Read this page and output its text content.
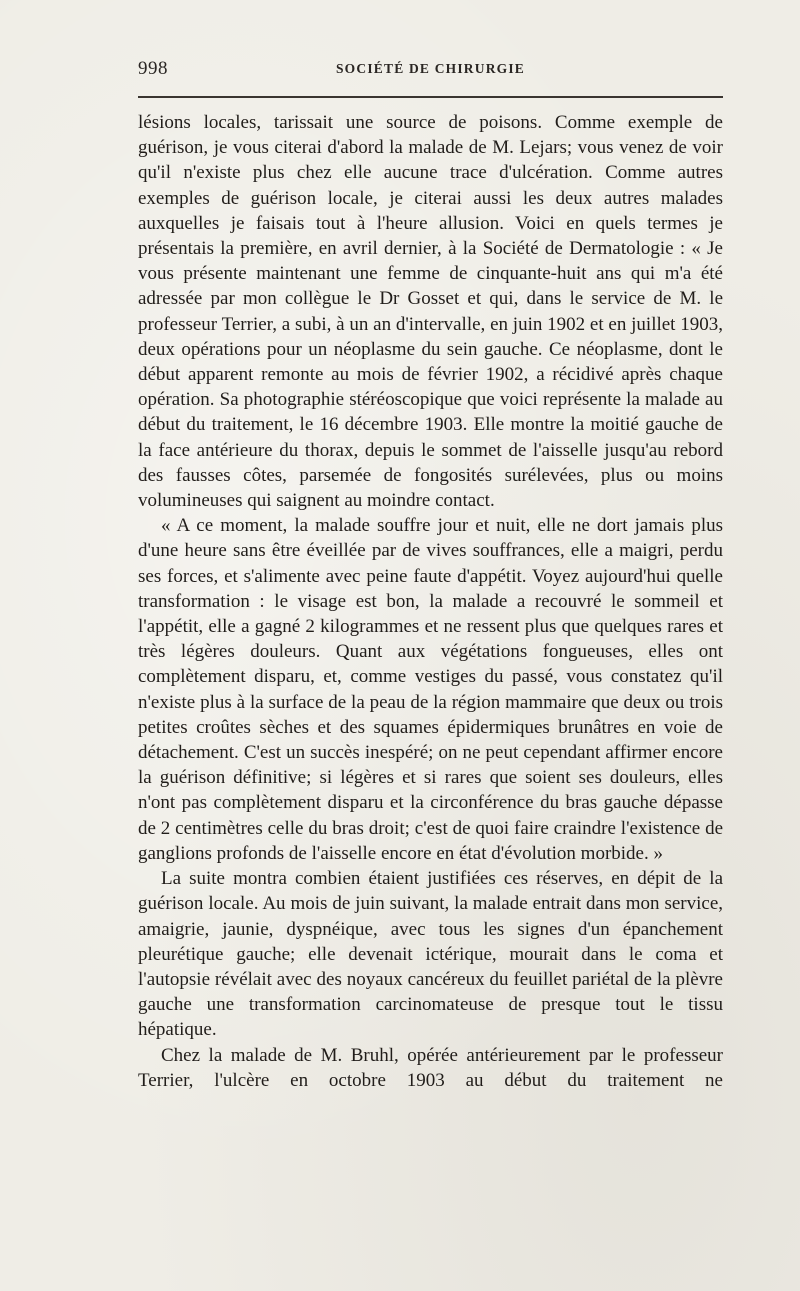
998	SOCIÉTÉ DE CHIRURGIE

lésions locales, tarissait une source de poisons. Comme exemple de guérison, je vous citerai d'abord la malade de M. Lejars; vous venez de voir qu'il n'existe plus chez elle aucune trace d'ulcération. Comme autres exemples de guérison locale, je citerai aussi les deux autres malades auxquelles je faisais tout à l'heure allusion. Voici en quels termes je présentais la première, en avril dernier, à la Société de Dermatologie : « Je vous présente maintenant une femme de cinquante-huit ans qui m'a été adressée par mon collègue le Dr Gosset et qui, dans le service de M. le professeur Terrier, a subi, à un an d'intervalle, en juin 1902 et en juillet 1903, deux opérations pour un néoplasme du sein gauche. Ce néoplasme, dont le début apparent remonte au mois de février 1902, a récidivé après chaque opération. Sa photographie stéréoscopique que voici représente la malade au début du traitement, le 16 décembre 1903. Elle montre la moitié gauche de la face antérieure du thorax, depuis le sommet de l'aisselle jusqu'au rebord des fausses côtes, parsemée de fongosités surélevées, plus ou moins volumineuses qui saignent au moindre contact.

« A ce moment, la malade souffre jour et nuit, elle ne dort jamais plus d'une heure sans être éveillée par de vives souffrances, elle a maigri, perdu ses forces, et s'alimente avec peine faute d'appétit. Voyez aujourd'hui quelle transformation : le visage est bon, la malade a recouvré le sommeil et l'appétit, elle a gagné 2 kilogrammes et ne ressent plus que quelques rares et très légères douleurs. Quant aux végétations fongueuses, elles ont complètement disparu, et, comme vestiges du passé, vous constatez qu'il n'existe plus à la surface de la peau de la région mammaire que deux ou trois petites croûtes sèches et des squames épidermiques brunâtres en voie de détachement. C'est un succès inespéré; on ne peut cependant affirmer encore la guérison définitive; si légères et si rares que soient ses douleurs, elles n'ont pas complètement disparu et la circonférence du bras gauche dépasse de 2 centimètres celle du bras droit; c'est de quoi faire craindre l'existence de ganglions profonds de l'aisselle encore en état d'évolution morbide. »

La suite montra combien étaient justifiées ces réserves, en dépit de la guérison locale. Au mois de juin suivant, la malade entrait dans mon service, amaigrie, jaunie, dyspnéique, avec tous les signes d'un épanchement pleurétique gauche; elle devenait ictérique, mourait dans le coma et l'autopsie révélait avec des noyaux cancéreux du feuillet pariétal de la plèvre gauche une transformation carcinomateuse de presque tout le tissu hépatique.

Chez la malade de M. Bruhl, opérée antérieurement par le professeur Terrier, l'ulcère en octobre 1903 au début du traitement ne
